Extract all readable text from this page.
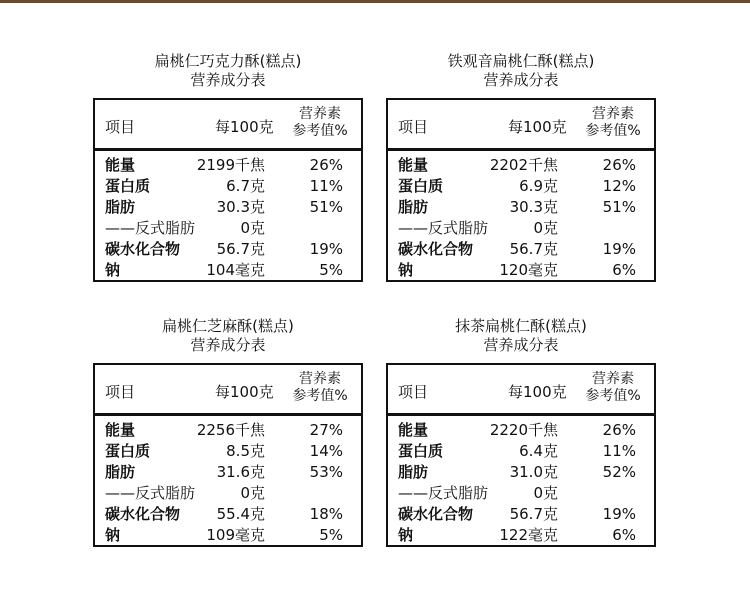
扁桃仁巧克力酥(糕点)
营养成分表
项目	每100克
营养素
参考值%
能量	2199千焦	26%
蛋白质	6.7克	11%
脂肪	30.3克	51%
——反式脂肪	0克
碳水化合物 56.7克	19%
钠	104毫克	5%
铁观音扁桃仁酥(糕点)
营养成分表
项目	每100克
营养素
参考值%
能量	2202千焦	26%
蛋白质	6.9克	12%
脂肪	30.3克	51%
——反式脂肪	0克
碳水化合物 56.7克	19%
钠	120毫克	6%
扁桃仁芝麻酥(糕点)
营养成分表
项目	每100克
营养素
参考值%
能量	2256千焦	27%
蛋白质	8.5克	14%
脂肪	31.6克	53%
——反式脂肪	0克
碳水化合物 55.4克	18%
钠	109毫克	5%
抹茶扁桃仁酥(糕点)
营养成分表
项目	每100克
营养素
参考值%
能量	2220千焦	26%
蛋白质	6.4克	11%
脂肪	31.0克	52%
——反式脂肪	0克
碳水化合物 56.7克	19%
钠	122毫克	6%
